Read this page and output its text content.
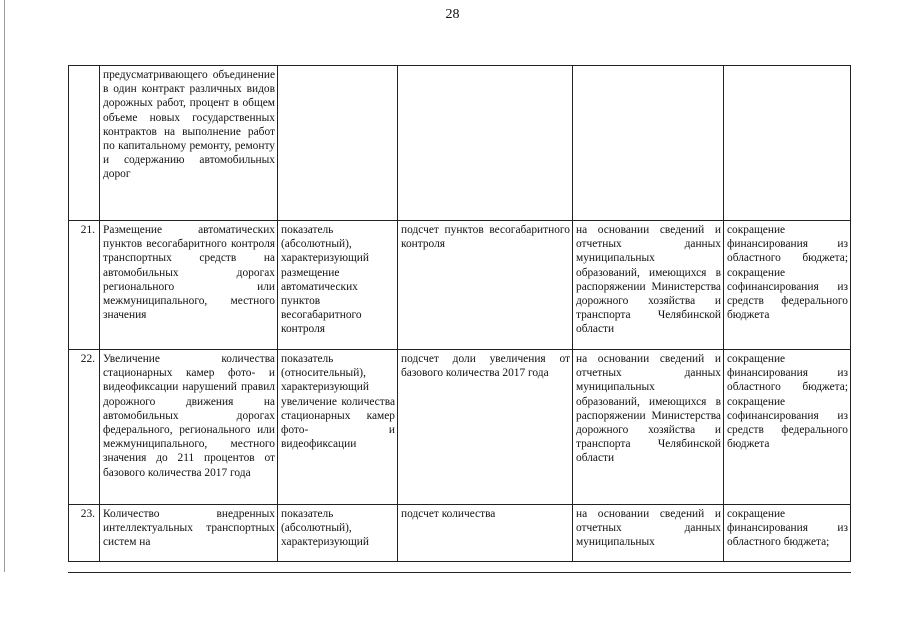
28
	предусматривающего объединение в один контракт различных видов дорожных работ, процент в общем объеме новых государственных контрактов на выполнение работ по капитальному ремонту, ремонту и содержанию автомобильных дорог				
21.	Размещение автоматических пунктов весогабаритного контроля транспортных средств на автомобильных дорогах регионального или межмуниципального, местного значения	показатель (абсолютный), характеризующий размещение автоматических пунктов весогабаритного контроля	подсчет пунктов весогабаритного контроля	на основании сведений и отчетных данных муниципальных образований, имеющихся в распоряжении Министерства дорожного хозяйства и транспорта Челябинской области	сокращение финансирования из областного бюджета; сокращение софинансирования из средств федерального бюджета
22.	Увеличение количества стационарных камер фото- и видеофиксации нарушений правил дорожного движения на автомобильных дорогах федерального, регионального или межмуниципального, местного значения до 211 процентов от базового количества 2017 года	показатель (относительный), характеризующий увеличение количества стационарных камер фото- и видеофиксации	подсчет доли увеличения от базового количества 2017 года	на основании сведений и отчетных данных муниципальных образований, имеющихся в распоряжении Министерства дорожного хозяйства и транспорта Челябинской области	сокращение финансирования из областного бюджета; сокращение софинансирования из средств федерального бюджета
23.	Количество внедренных интеллектуальных транспортных систем на	показатель (абсолютный), характеризующий	подсчет количества	на основании сведений и отчетных данных муниципальных	сокращение финансирования из областного бюджета;
